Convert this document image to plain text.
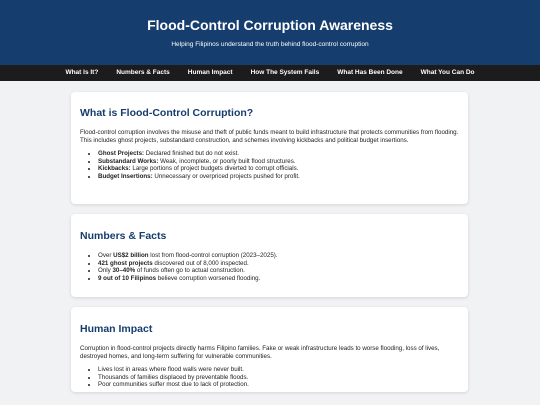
Flood-Control Corruption Awareness
Helping Filipinos understand the truth behind flood-control corruption
What Is It?	Numbers & Facts	Human Impact	How The System Fails	What Has Been Done	What You Can Do
What is Flood-Control Corruption?

Flood-control corruption involves the misuse and theft of public funds meant to build infrastructure that protects communities from flooding. This includes ghost projects, substandard construction, and schemes involving kickbacks and political budget insertions.

• Ghost Projects: Declared finished but do not exist.
• Substandard Works: Weak, incomplete, or poorly built flood structures.
• Kickbacks: Large portions of project budgets diverted to corrupt officials.
• Budget Insertions: Unnecessary or overpriced projects pushed for profit.
Numbers & Facts
• Over US$2 billion lost from flood-control corruption (2023–2025).
• 421 ghost projects discovered out of 8,000 inspected.
• Only 30–40% of funds often go to actual construction.
• 9 out of 10 Filipinos believe corruption worsened flooding.
Human Impact

Corruption in flood-control projects directly harms Filipino families. Fake or weak infrastructure leads to worse flooding, loss of lives, destroyed homes, and long-term suffering for vulnerable communities.

• Lives lost in areas where flood walls were never built.
• Thousands of families displaced by preventable floods.
• Poor communities suffer most due to lack of protection.
